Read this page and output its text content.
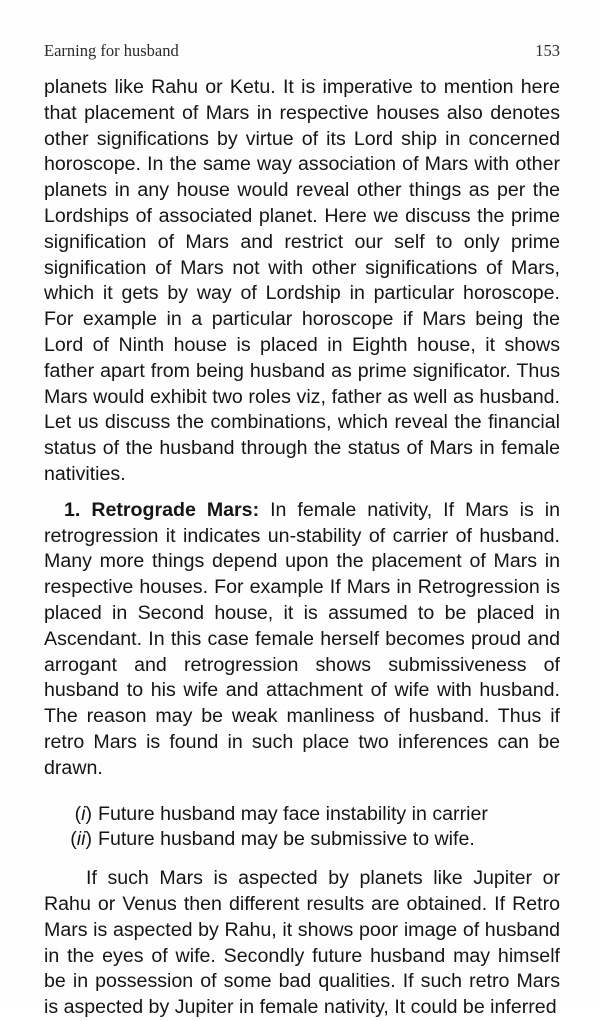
Earning for husband	153

planets like Rahu or Ketu. It is imperative to mention here that placement of Mars in respective houses also denotes other significations by virtue of its Lord ship in concerned horoscope. In the same way association of Mars with other planets in any house would reveal other things as per the Lordships of associated planet. Here we discuss the prime signification of Mars and restrict our self to only prime signification of Mars not with other significations of Mars, which it gets by way of Lordship in particular horoscope. For example in a particular horoscope if Mars being the Lord of Ninth house is placed in Eighth house, it shows father apart from being husband as prime significator. Thus Mars would exhibit two roles viz, father as well as husband. Let us discuss the combinations, which reveal the financial status of the husband through the status of Mars in female nativities.

1. Retrograde Mars: In female nativity, If Mars is in retrogression it indicates un-stability of carrier of husband. Many more things depend upon the placement of Mars in respective houses. For example If Mars in Retrogression is placed in Second house, it is assumed to be placed in Ascendant. In this case female herself becomes proud and arrogant and retrogression shows submissiveness of husband to his wife and attachment of wife with husband. The reason may be weak manliness of husband. Thus if retro Mars is found in such place two inferences can be drawn.

(i) Future husband may face instability in carrier
(ii) Future husband may be submissive to wife.

If such Mars is aspected by planets like Jupiter or Rahu or Venus then different results are obtained. If Retro Mars is aspected by Rahu, it shows poor image of husband in the eyes of wife. Secondly future husband may himself be in possession of some bad qualities. If such retro Mars is aspected by Jupiter in female nativity, It could be inferred
